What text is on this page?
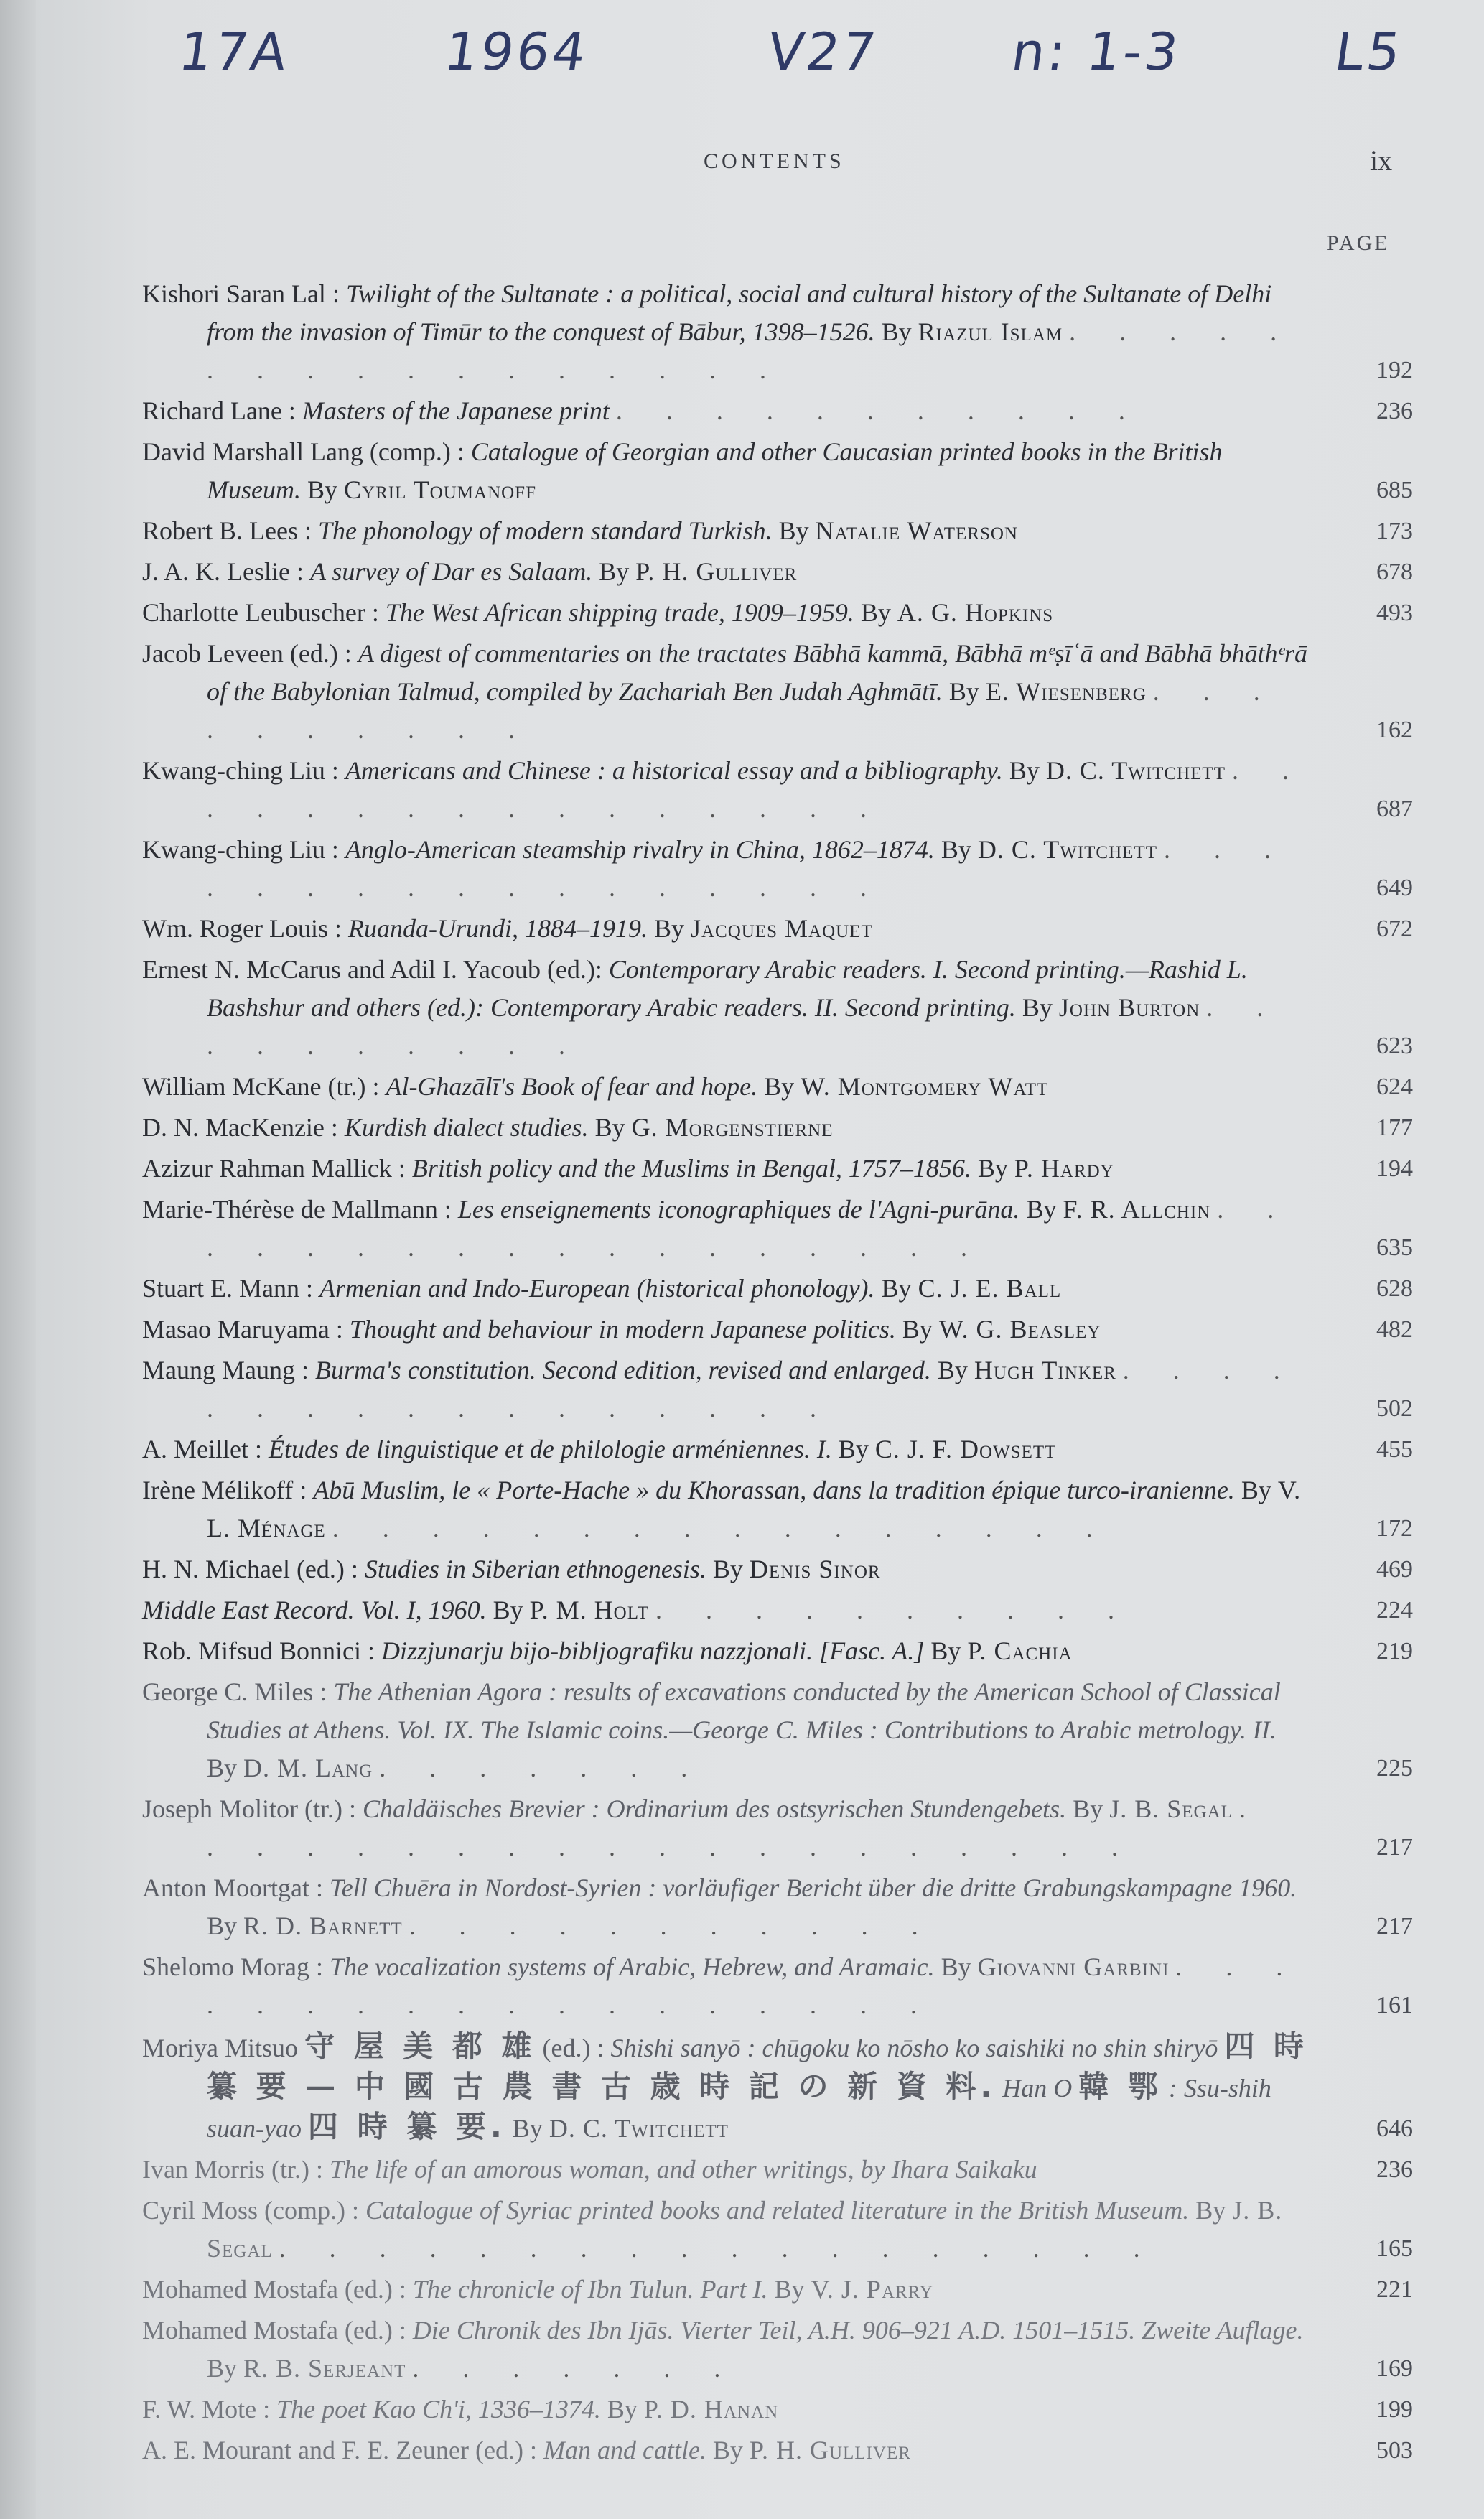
17A	1964	V27 n: 1-3	L5
CONTENTS	ix
PAGE
Kishori Saran Lal : Twilight of the Sultanate : a political, social and cultural history of the Sultanate of Delhi from the invasion of Timūr to the conquest of Bābur, 1398–1526. By Riazul Islam . . . . . . . . . . . . . . . . .	192
Richard Lane : Masters of the Japanese print . . . . . . . . . . .	236
David Marshall Lang (comp.) : Catalogue of Georgian and other Caucasian printed books in the British Museum. By Cyril Toumanoff	685
Robert B. Lees : The phonology of modern standard Turkish. By Natalie Waterson	173
J. A. K. Leslie : A survey of Dar es Salaam. By P. H. Gulliver	678
Charlotte Leubuscher : The West African shipping trade, 1909–1959. By A. G. Hopkins	493
Jacob Leveen (ed.) : A digest of commentaries on the tractates Bābhā kammā, Bābhā mᵉṣīʿā and Bābhā bhāthᵉrā of the Babylonian Talmud, compiled by Zachariah Ben Judah Aghmātī. By E. Wiesenberg . . . . . . . . . .	162
Kwang-ching Liu : Americans and Chinese : a historical essay and a bibliography. By D. C. Twitchett . . . . . . . . . . . . . . . .	687
Kwang-ching Liu : Anglo-American steamship rivalry in China, 1862–1874. By D. C. Twitchett . . . . . . . . . . . . . . . . .	649
Wm. Roger Louis : Ruanda-Urundi, 1884–1919. By Jacques Maquet	672
Ernest N. McCarus and Adil I. Yacoub (ed.): Contemporary Arabic readers. I. Second printing.—Rashid L. Bashshur and others (ed.): Contemporary Arabic readers. II. Second printing. By John Burton . . . . . . . . . .	623
William McKane (tr.) : Al-Ghazālī's Book of fear and hope. By W. Montgomery Watt	624
D. N. MacKenzie : Kurdish dialect studies. By G. Morgenstierne	177
Azizur Rahman Mallick : British policy and the Muslims in Bengal, 1757–1856. By P. Hardy	194
Marie-Thérèse de Mallmann : Les enseignements iconographiques de l'Agni-purāna. By F. R. Allchin . . . . . . . . . . . . . . . . . .	635
Stuart E. Mann : Armenian and Indo-European (historical phonology). By C. J. E. Ball	628
Masao Maruyama : Thought and behaviour in modern Japanese politics. By W. G. Beasley	482
Maung Maung : Burma's constitution. Second edition, revised and enlarged. By Hugh Tinker . . . . . . . . . . . . . . . . .	502
A. Meillet : Études de linguistique et de philologie arméniennes. I. By C. J. F. Dowsett	455
Irène Mélikoff : Abū Muslim, le « Porte-Hache » du Khorassan, dans la tradition épique turco-iranienne. By V. L. Ménage . . . . . . . . . . . . . . . .	172
H. N. Michael (ed.) : Studies in Siberian ethnogenesis. By Denis Sinor	469
Middle East Record. Vol. I, 1960. By P. M. Holt . . . . . . . . . .	224
Rob. Mifsud Bonnici : Dizzjunarju bijo-bibljografiku nazzjonali. [Fasc. A.] By P. Cachia	219
George C. Miles : The Athenian Agora : results of excavations conducted by the American School of Classical Studies at Athens. Vol. IX. The Islamic coins.—George C. Miles : Contributions to Arabic metrology. II. By D. M. Lang . . . . . . .	225
Joseph Molitor (tr.) : Chaldäisches Brevier : Ordinarium des ostsyrischen Stundengebets. By J. B. Segal . . . . . . . . . . . . . . . . . . . .	217
Anton Moortgat : Tell Chuēra in Nordost-Syrien : vorläufiger Bericht über die dritte Grabungskampagne 1960. By R. D. Barnett . . . . . . . . . . .	217
Shelomo Morag : The vocalization systems of Arabic, Hebrew, and Aramaic. By Giovanni Garbini . . . . . . . . . . . . . . . . . .	161
Moriya Mitsuo 守 屋 美 都 雄 (ed.) : Shishi sanyō : chūgoku ko nōsho ko saishiki no shin shiryō 四 時 纂 要 — 中 國 古 農 書 古 歳 時 記 の 新 資 料. Han O 韓 鄂 : Ssu-shih suan-yao 四 時 纂 要. By D. C. Twitchett	646
Ivan Morris (tr.) : The life of an amorous woman, and other writings, by Ihara Saikaku	236
Cyril Moss (comp.) : Catalogue of Syriac printed books and related literature in the British Museum. By J. B. Segal . . . . . . . . . . . . . . . . . .	165
Mohamed Mostafa (ed.) : The chronicle of Ibn Tulun. Part I. By V. J. Parry	221
Mohamed Mostafa (ed.) : Die Chronik des Ibn Ijās. Vierter Teil, A.H. 906–921 A.D. 1501–1515. Zweite Auflage. By R. B. Serjeant . . . . . . .	169
F. W. Mote : The poet Kao Ch'i, 1336–1374. By P. D. Hanan	199
A. E. Mourant and F. E. Zeuner (ed.) : Man and cattle. By P. H. Gulliver	503
